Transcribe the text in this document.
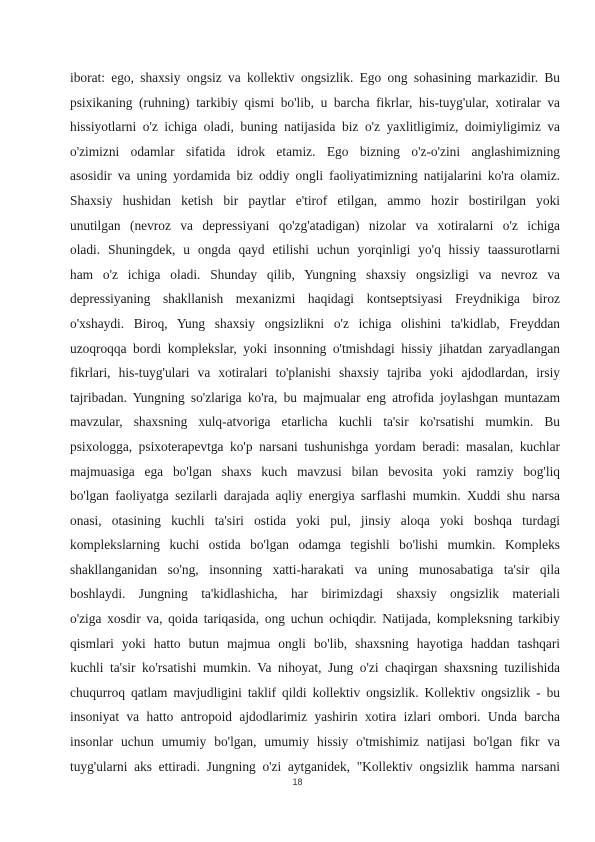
iborat: ego, shaxsiy ongsiz va kollektiv ongsizlik. Ego ong sohasining markazidir. Bu
psixikaning (ruhning) tarkibiy qismi bo'lib, u barcha fikrlar, his-tuyg'ular, xotiralar va
hissiyotlarni o'z ichiga oladi, buning natijasida biz o'z yaxlitligimiz, doimiyligimiz va
o'zimizni odamlar sifatida idrok etamiz. Ego bizning o'z-o'zini anglashimizning
asosidir va uning yordamida biz oddiy ongli faoliyatimizning natijalarini ko'ra olamiz.
Shaxsiy hushidan ketish bir paytlar e'tirof etilgan, ammo hozir bostirilgan yoki
unutilgan (nevroz va depressiyani qo'zg'atadigan) nizolar va xotiralarni o'z ichiga
oladi. Shuningdek, u ongda qayd etilishi uchun yorqinligi yo'q hissiy taassurotlarni
ham o'z ichiga oladi. Shunday qilib, Yungning shaxsiy ongsizligi va nevroz va
depressiyaning shakllanish mexanizmi haqidagi kontseptsiyasi Freydnikiga biroz
o'xshaydi. Biroq, Yung shaxsiy ongsizlikni o'z ichiga olishini ta'kidlab, Freyddan
uzoqroqqa bordi komplekslar, yoki insonning o'tmishdagi hissiy jihatdan zaryadlangan
fikrlari, his-tuyg'ulari va xotiralari to'planishi shaxsiy tajriba yoki ajdodlardan, irsiy
tajribadan. Yungning so'zlariga ko'ra, bu majmualar eng atrofida joylashgan muntazam
mavzular, shaxsning xulq-atvoriga etarlicha kuchli ta'sir ko'rsatishi mumkin. Bu
psixologga, psixoterapevtga ko'p narsani tushunishga yordam beradi: masalan, kuchlar
majmuasiga ega bo'lgan shaxs kuch mavzusi bilan bevosita yoki ramziy bog'liq
bo'lgan faoliyatga sezilarli darajada aqliy energiya sarflashi mumkin. Xuddi shu narsa
onasi, otasining kuchli ta'siri ostida yoki pul, jinsiy aloqa yoki boshqa turdagi
komplekslarning kuchi ostida bo'lgan odamga tegishli bo'lishi mumkin. Kompleks
shakllanganidan so'ng, insonning xatti-harakati va uning munosabatiga ta'sir qila
boshlaydi. Jungning ta'kidlashicha, har birimizdagi shaxsiy ongsizlik materiali
o'ziga xosdir va, qoida tariqasida, ong uchun ochiqdir. Natijada, kompleksning tarkibiy
qismlari yoki hatto butun majmua ongli bo'lib, shaxsning hayotiga haddan tashqari
kuchli ta'sir ko'rsatishi mumkin. Va nihoyat, Jung o'zi chaqirgan shaxsning tuzilishida
chuqurroq qatlam mavjudligini taklif qildi kollektiv ongsizlik. Kollektiv ongsizlik - bu
insoniyat va hatto antropoid ajdodlarimiz yashirin xotira izlari ombori. Unda barcha
insonlar uchun umumiy bo'lgan, umumiy hissiy o'tmishimiz natijasi bo'lgan fikr va
tuyg'ularni aks ettiradi. Jungning o'zi aytganidek, "Kollektiv ongsizlik hamma narsani
18
